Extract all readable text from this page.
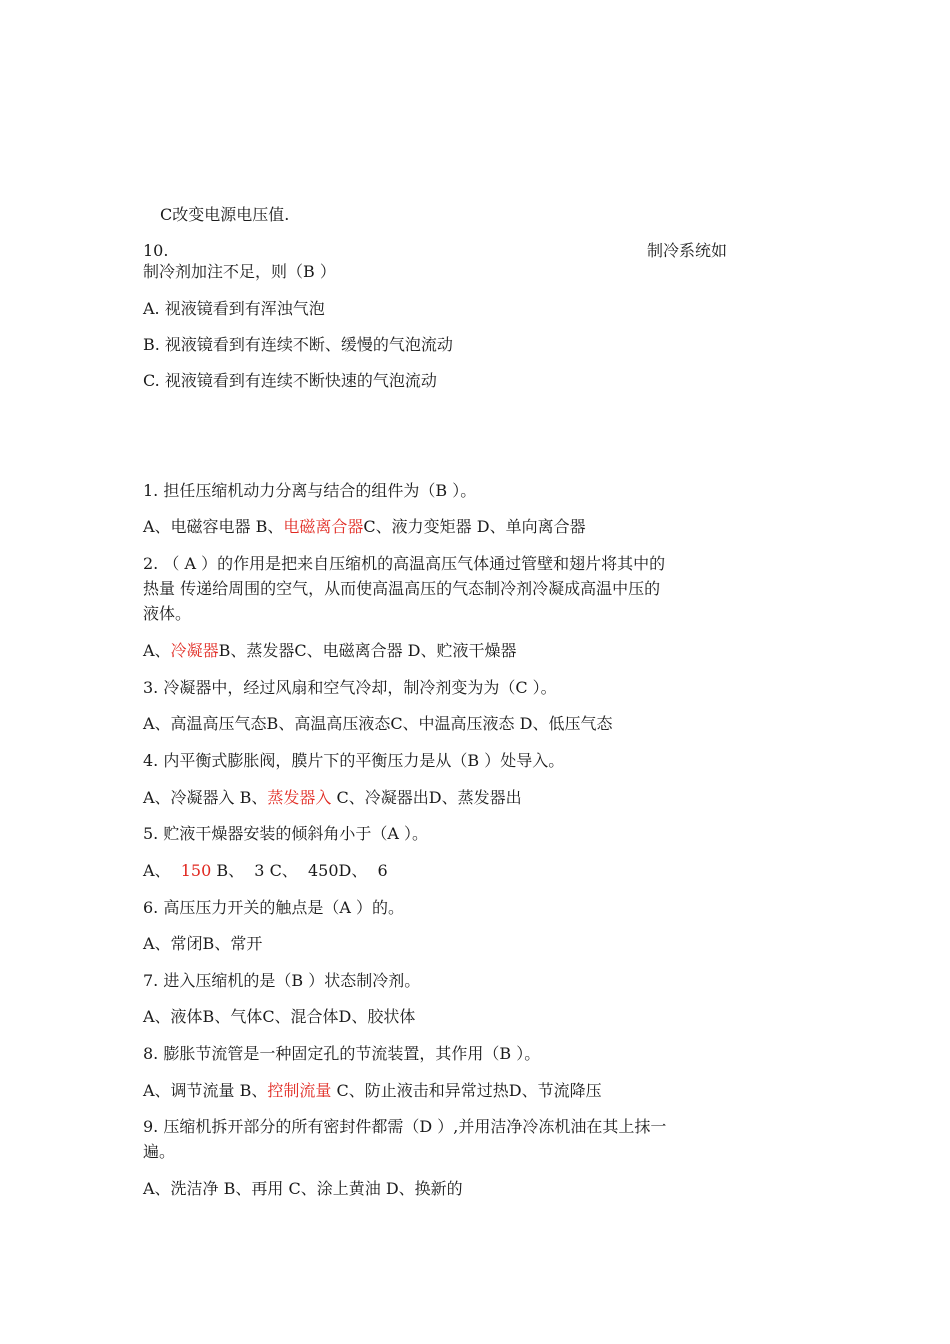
C改变电源电压值.
10.	制冷系统如
制冷剂加注不足，则（B ）
A. 视液镜看到有浑浊气泡
B. 视液镜看到有连续不断、缓慢的气泡流动
C. 视液镜看到有连续不断快速的气泡流动
1. 担任压缩机动力分离与结合的组件为（B ）。
A、电磁容电器 B、电磁离合器C、液力变矩器 D、单向离合器
2. （ A ）的作用是把来自压缩机的高温高压气体通过管壁和翅片将其中的
热量 传递给周围的空气，从而使高温高压的气态制冷剂冷凝成高温中压的
液体。
A、冷凝器B、蒸发器C、电磁离合器 D、贮液干燥器
3. 冷凝器中，经过风扇和空气冷却，制冷剂变为为（C ）。
A、高温高压气态B、高温高压液态C、中温高压液态 D、低压气态
4. 内平衡式膨胀阀，膜片下的平衡压力是从（B ）处导入。
A、冷凝器入 B、蒸发器入 C、冷凝器出D、蒸发器出
5. 贮液干燥器安装的倾斜角小于（A ）。
A、  150 B、  3 C、  450D、  6
6. 高压压力开关的触点是（A ）的。
A、常闭B、常开
7. 进入压缩机的是（B ）状态制冷剂。
A、液体B、气体C、混合体D、胶状体
8. 膨胀节流管是一种固定孔的节流装置，其作用（B ）。
A、调节流量 B、控制流量 C、防止液击和异常过热D、节流降压
9. 压缩机拆开部分的所有密封件都需（D ）,并用洁净冷冻机油在其上抹一
遍。
A、洗洁净 B、再用 C、涂上黄油 D、换新的
